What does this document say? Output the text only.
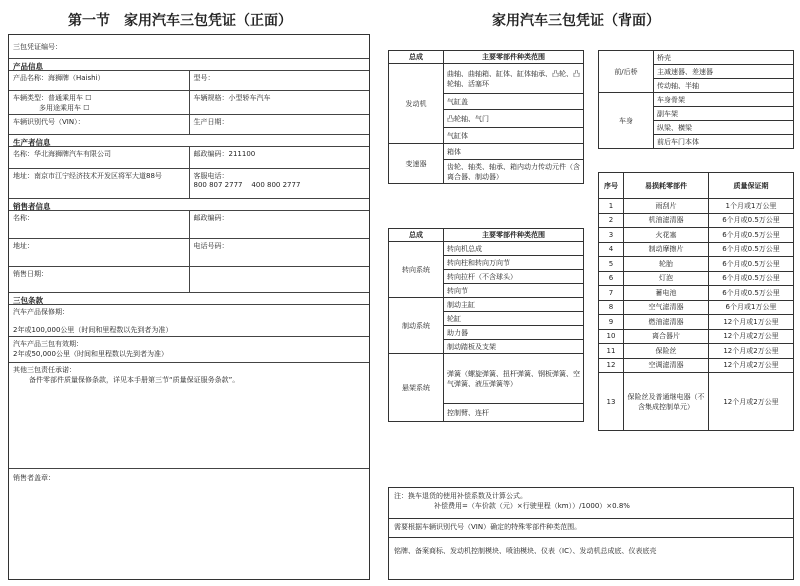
第一节　家用汽车三包凭证（正面）	家用汽车三包凭证（背面）
三包凭证编号：
产品信息
产品名称：海狮牌（Haishi）	型号：
车辆类型：普通乘用车 ☐
多用途乘用车 ☐
车辆规格：小型轿车汽车
车辆识别代号（VIN）：	生产日期：
生产者信息
名称：华北海狮牌汽车有限公司	邮政编码：211100
地址：南京市江宁经济技术开发区将军大道88号	客服电话：
800 807 2777 400 800 2777
销售者信息
名称：	邮政编码：
地址：	电话号码：
销售日期：
三包条款
汽车产品保修期：

2年或100,000公里（时间和里程数以先到者为准）
汽车产品三包有效期：
2年或50,000公里（时间和里程数以先到者为准）
其他三包责任承诺：
备件零部件质量保修条款，详见本手册第三节“质量保证服务条款”。
销售者盖章：
总成	主要零部件种类范围
发动机	曲轴、曲轴箱、缸体、缸体轴承、凸轮、凸轮轴、活塞环
	气缸盖
	凸轮轴、气门
	气缸体
变速器	箱体
	齿轮、轴类、轴承、箱内动力传动元件（含离合器、制动器）
总成	主要零部件种类范围
转向系统	转向机总成
	转向柱和转向万向节
	转向拉杆（不含球头）
	转向节
制动系统	制动主缸
	轮缸
	助力器
	制动踏板及支架
悬架系统	弹簧（螺旋弹簧、扭杆弹簧、钢板弹簧、空气弹簧、液压弹簧等）
	控制臂、连杆
前/后桥	桥壳
	主减速器、差速器
	传动轴、半轴
车身	车身骨架
	副车架
	纵梁、横梁
	前后车门本体
序号	易损耗零部件	质量保证期
1	雨刮片	1个月或1万公里
2	机油滤清器	6个月或0.5万公里
3	火花塞	6个月或0.5万公里
4	制动摩擦片	6个月或0.5万公里
5	轮胎	6个月或0.5万公里
6	灯泡	6个月或0.5万公里
7	蓄电池	6个月或0.5万公里
8	空气滤清器	6个月或1万公里
9	燃油滤清器	12个月或1万公里
10	离合器片	12个月或2万公里
11	保险丝	12个月或2万公里
12	空调滤清器	12个月或2万公里
13	保险丝及普通继电器（不含集成控制单元）	12个月或2万公里
注：换车退货的使用补偿系数及计算公式。
补偿费用=（车价款（元）×行驶里程（km））/1000）×0.8%
需要根据车辆识别代号（VIN）确定的特殊零部件种类范围。
铭牌、备案商标、发动机控制模块、喷油模块、仪表（IC）、发动机总成底、仪表底壳
